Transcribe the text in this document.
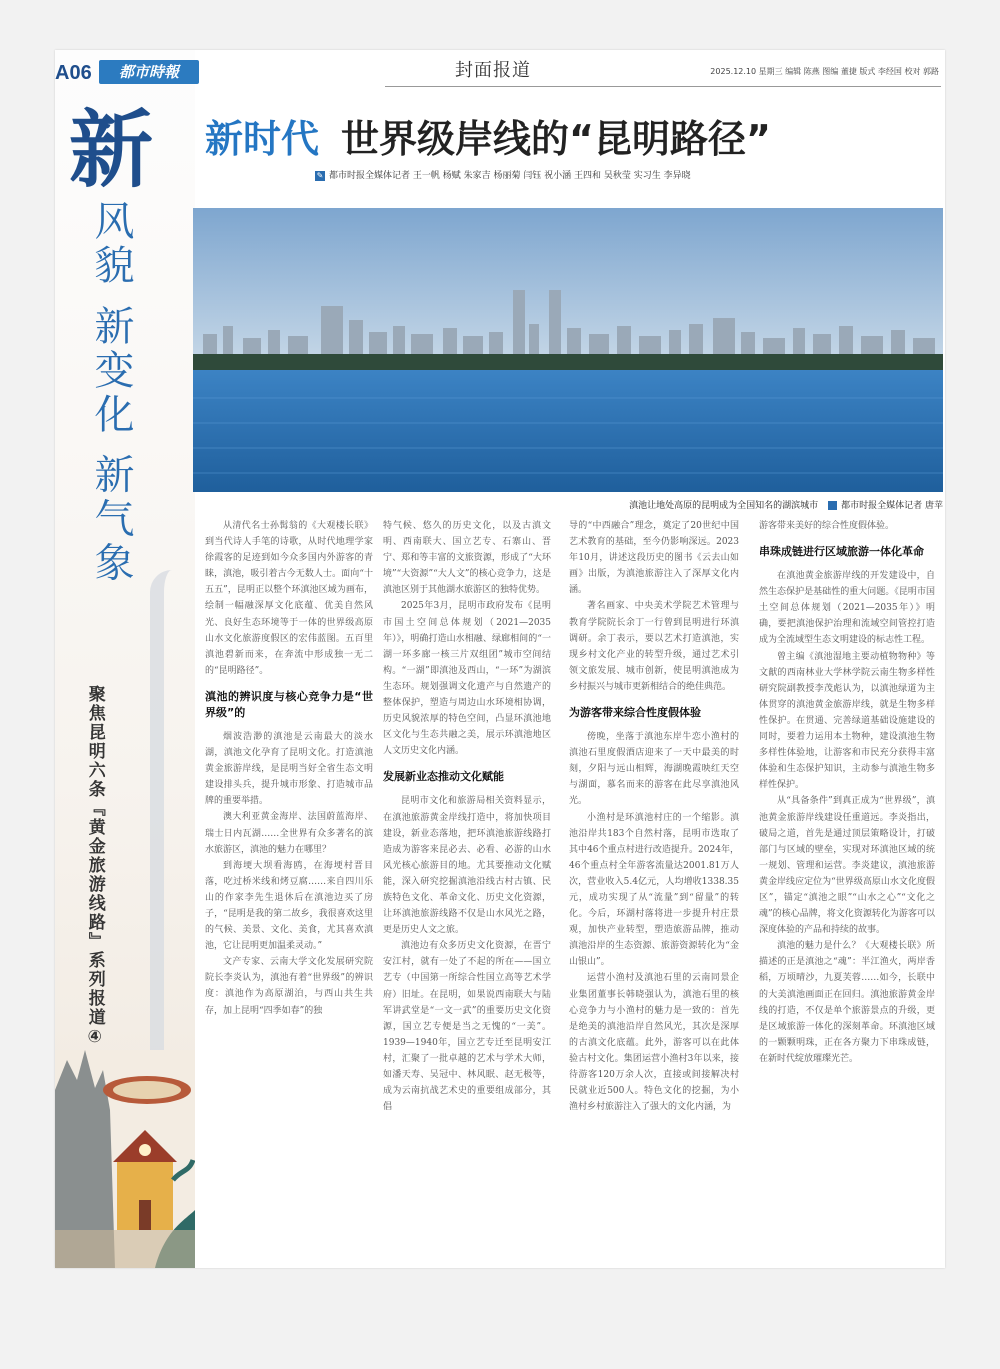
A06	都市時報	封面报道	2025.12.10 星期三 编辑 陈燕 图编 董捷 版式 李经国 校对 郭路
新
风貌 新变化 新气象
聚焦昆明六条『黄金旅游线路』系列报道④
新时代 世界级岸线的“昆明路径”
✎ 都市时报全媒体记者 王一帆 杨赋 朱家吉 杨丽菊 闫钰 祝小涵 王四和 吴秋莹 实习生 李异晓
滇池让地处高原的昆明成为全国知名的湖滨城市	都市时报全媒体记者 唐苹

从清代名士孙髯翁的《大观楼长联》到当代诗人手笔的诗歌，从时代地理学家徐霞客的足迹到如今众多国内外游客的青睐，滇池，吸引着古今无数人士。面向“十五五”，昆明正以整个环滇池区域为画布，绘制一幅融深厚文化底蕴、优美自然风光、良好生态环境等于一体的世界级高原山水文化旅游度假区的宏伟蓝图。五百里滇池碧新而来，在奔流中形成独一无二的“昆明路径”。

滇池的辨识度与核心竞争力是“世界级”的

烟波浩渺的滇池是云南最大的淡水湖，滇池文化孕育了昆明文化。打造滇池黄金旅游岸线，是昆明当好全省生态文明建设排头兵，提升城市形象、打造城市品牌的重要举措。

澳大利亚黄金海岸、法国蔚蓝海岸、瑞士日内瓦湖……全世界有众多著名的滨水旅游区，滇池的魅力在哪里？

到海埂大坝看海鸥，在海埂村晋目落，吃过桥米线和烤豆腐……来自四川乐山的作家李先生退休后在滇池边买了房子，“昆明是我的第二故乡，我很喜欢这里的气候、美景、文化、美食，尤其喜欢滇池，它让昆明更加温柔灵动。”

文产专家、云南大学文化发展研究院院长李炎认为，滇池有着“世界级”的辨识度：滇池作为高原湖泊，与西山共生共存，加上昆明“四季如春”的独

特气候、悠久的历史文化，以及古滇文明、西南联大、国立艺专、石寨山、晋宁、郑和等丰富的文旅资源，形成了“大环境”“大资源”“大人文”的核心竞争力，这是滇池区别于其他湖水旅游区的独特优势。

2025年3月，昆明市政府发布《昆明市国土空间总体规划（2021—2035年）》，明确打造山水相融、绿廊相间的“一湖一环多廊一核三片双组团”城市空间结构。“一湖”即滇池及西山，“一环”为湖滨生态环。规划强调文化遗产与自然遗产的整体保护，塑造与周边山水环境相协调，历史风貌浓厚的特色空间，凸显环滇池地区文化与生态共融之美，展示环滇池地区人文历史文化内涵。

发展新业态推动文化赋能

昆明市文化和旅游局相关资料显示，在滇池旅游黄金岸线打造中，将加快项目建设，新业态落地，把环滇池旅游线路打造成为游客来昆必去、必看、必游的山水风光核心旅游目的地。尤其要推动文化赋能，深入研究挖掘滇池沿线古村古镇、民族特色文化、革命文化、历史文化资源，让环滇池旅游线路不仅是山水风光之路，更是历史人文之旅。

滇池边有众多历史文化资源，在晋宁安江村，就有一处了不起的所在——国立艺专（中国第一所综合性国立高等艺术学府）旧址。在昆明，如果说西南联大与陆军讲武堂是“一文一武”的重要历史文化资源，国立艺专便是当之无愧的“一美”。1939—1940年，国立艺专迁至昆明安江村，汇聚了一批卓越的艺术与学术大师，如潘天寿、吴冠中、林风眠、赵无极等，成为云南抗战艺术史的重要组成部分，其倡

导的“中西融合”理念，奠定了20世纪中国艺术教育的基础，至今仍影响深远。2023年10月，讲述这段历史的图书《云去山如画》出版，为滇池旅游注入了深厚文化内涵。

著名画家、中央美术学院艺术管理与教育学院院长余丁一行曾到昆明进行环滇调研。余丁表示，要以艺术打造滇池，实现乡村文化产业的转型升级，通过艺术引领文旅发展、城市创新，使昆明滇池成为乡村振兴与城市更新相结合的绝佳典范。

为游客带来综合性度假体验

傍晚，坐落于滇池东岸牛恋小渔村的滇池石里度假酒店迎来了一天中最美的时刻，夕阳与远山相辉，海湖晚霞映红天空与湖面，慕名而来的游客在此尽享滇池风光。

小渔村是环滇池村庄的一个缩影。滇池沿岸共183个自然村落，昆明市选取了其中46个重点村进行改造提升。2024年，46个重点村全年游客流量达2001.81万人次，营业收入5.4亿元，人均增收1338.35元，成功实现了从“流量”到“留量”的转化。今后，环湖村落将进一步提升村庄景观，加快产业转型，塑造旅游品牌，推动滇池沿岸的生态资源、旅游资源转化为“金山银山”。

运营小渔村及滇池石里的云南同景企业集团董事长韩晓强认为，滇池石里的核心竞争力与小渔村的魅力是一致的：首先是绝美的滇池沿岸自然风光，其次是深厚的古滇文化底蕴。此外，游客可以在此体验古村文化。集团运营小渔村3年以来，接待游客120万余人次，直接或间接解决村民就业近500人。特色文化的挖掘，为小渔村乡村旅游注入了强大的文化内涵，为

游客带来美好的综合性度假体验。

串珠成链进行区域旅游一体化革命

在滇池黄金旅游岸线的开发建设中，自然生态保护是基础性的重大问题。《昆明市国土空间总体规划（2021—2035年）》明确，要把滇池保护治理和流域空间管控打造成为全流域型生态文明建设的标志性工程。

曾主编《滇池湿地主要动植物物种》等文献的西南林业大学林学院云南生物多样性研究院副教授李茂彪认为，以滇池绿道为主体贯穿的滇池黄金旅游岸线，就是生物多样性保护。在贯通、完善绿道基础设施建设的同时，要着力运用本土物种，建设滇池生物多样性体验地，让游客和市民充分获得丰富体验和生态保护知识，主动参与滇池生物多样性保护。

从“具备条件”到真正成为“世界级”，滇池黄金旅游岸线建设任重道远。李炎指出，破局之道，首先是通过顶层策略设计，打破部门与区域的壁垒，实现对环滇池区域的统一规划、管理和运营。李炎建议，滇池旅游黄金岸线应定位为“世界级高原山水文化度假区”，锚定“滇池之眼”“山水之心”“文化之魂”的核心品牌，将文化资源转化为游客可以深度体验的产品和持续的故事。

滇池的魅力是什么？《大观楼长联》所描述的正是滇池之“魂”：半江渔火，两岸香稻，万顷晴沙，九夏芙蓉……如今，长联中的大美滇池画面正在回归。滇池旅游黄金岸线的打造，不仅是单个旅游景点的升级，更是区域旅游一体化的深刻革命。环滇池区域的一颗颗明珠，正在各方聚力下串珠成链，在新时代绽放璀璨光芒。
